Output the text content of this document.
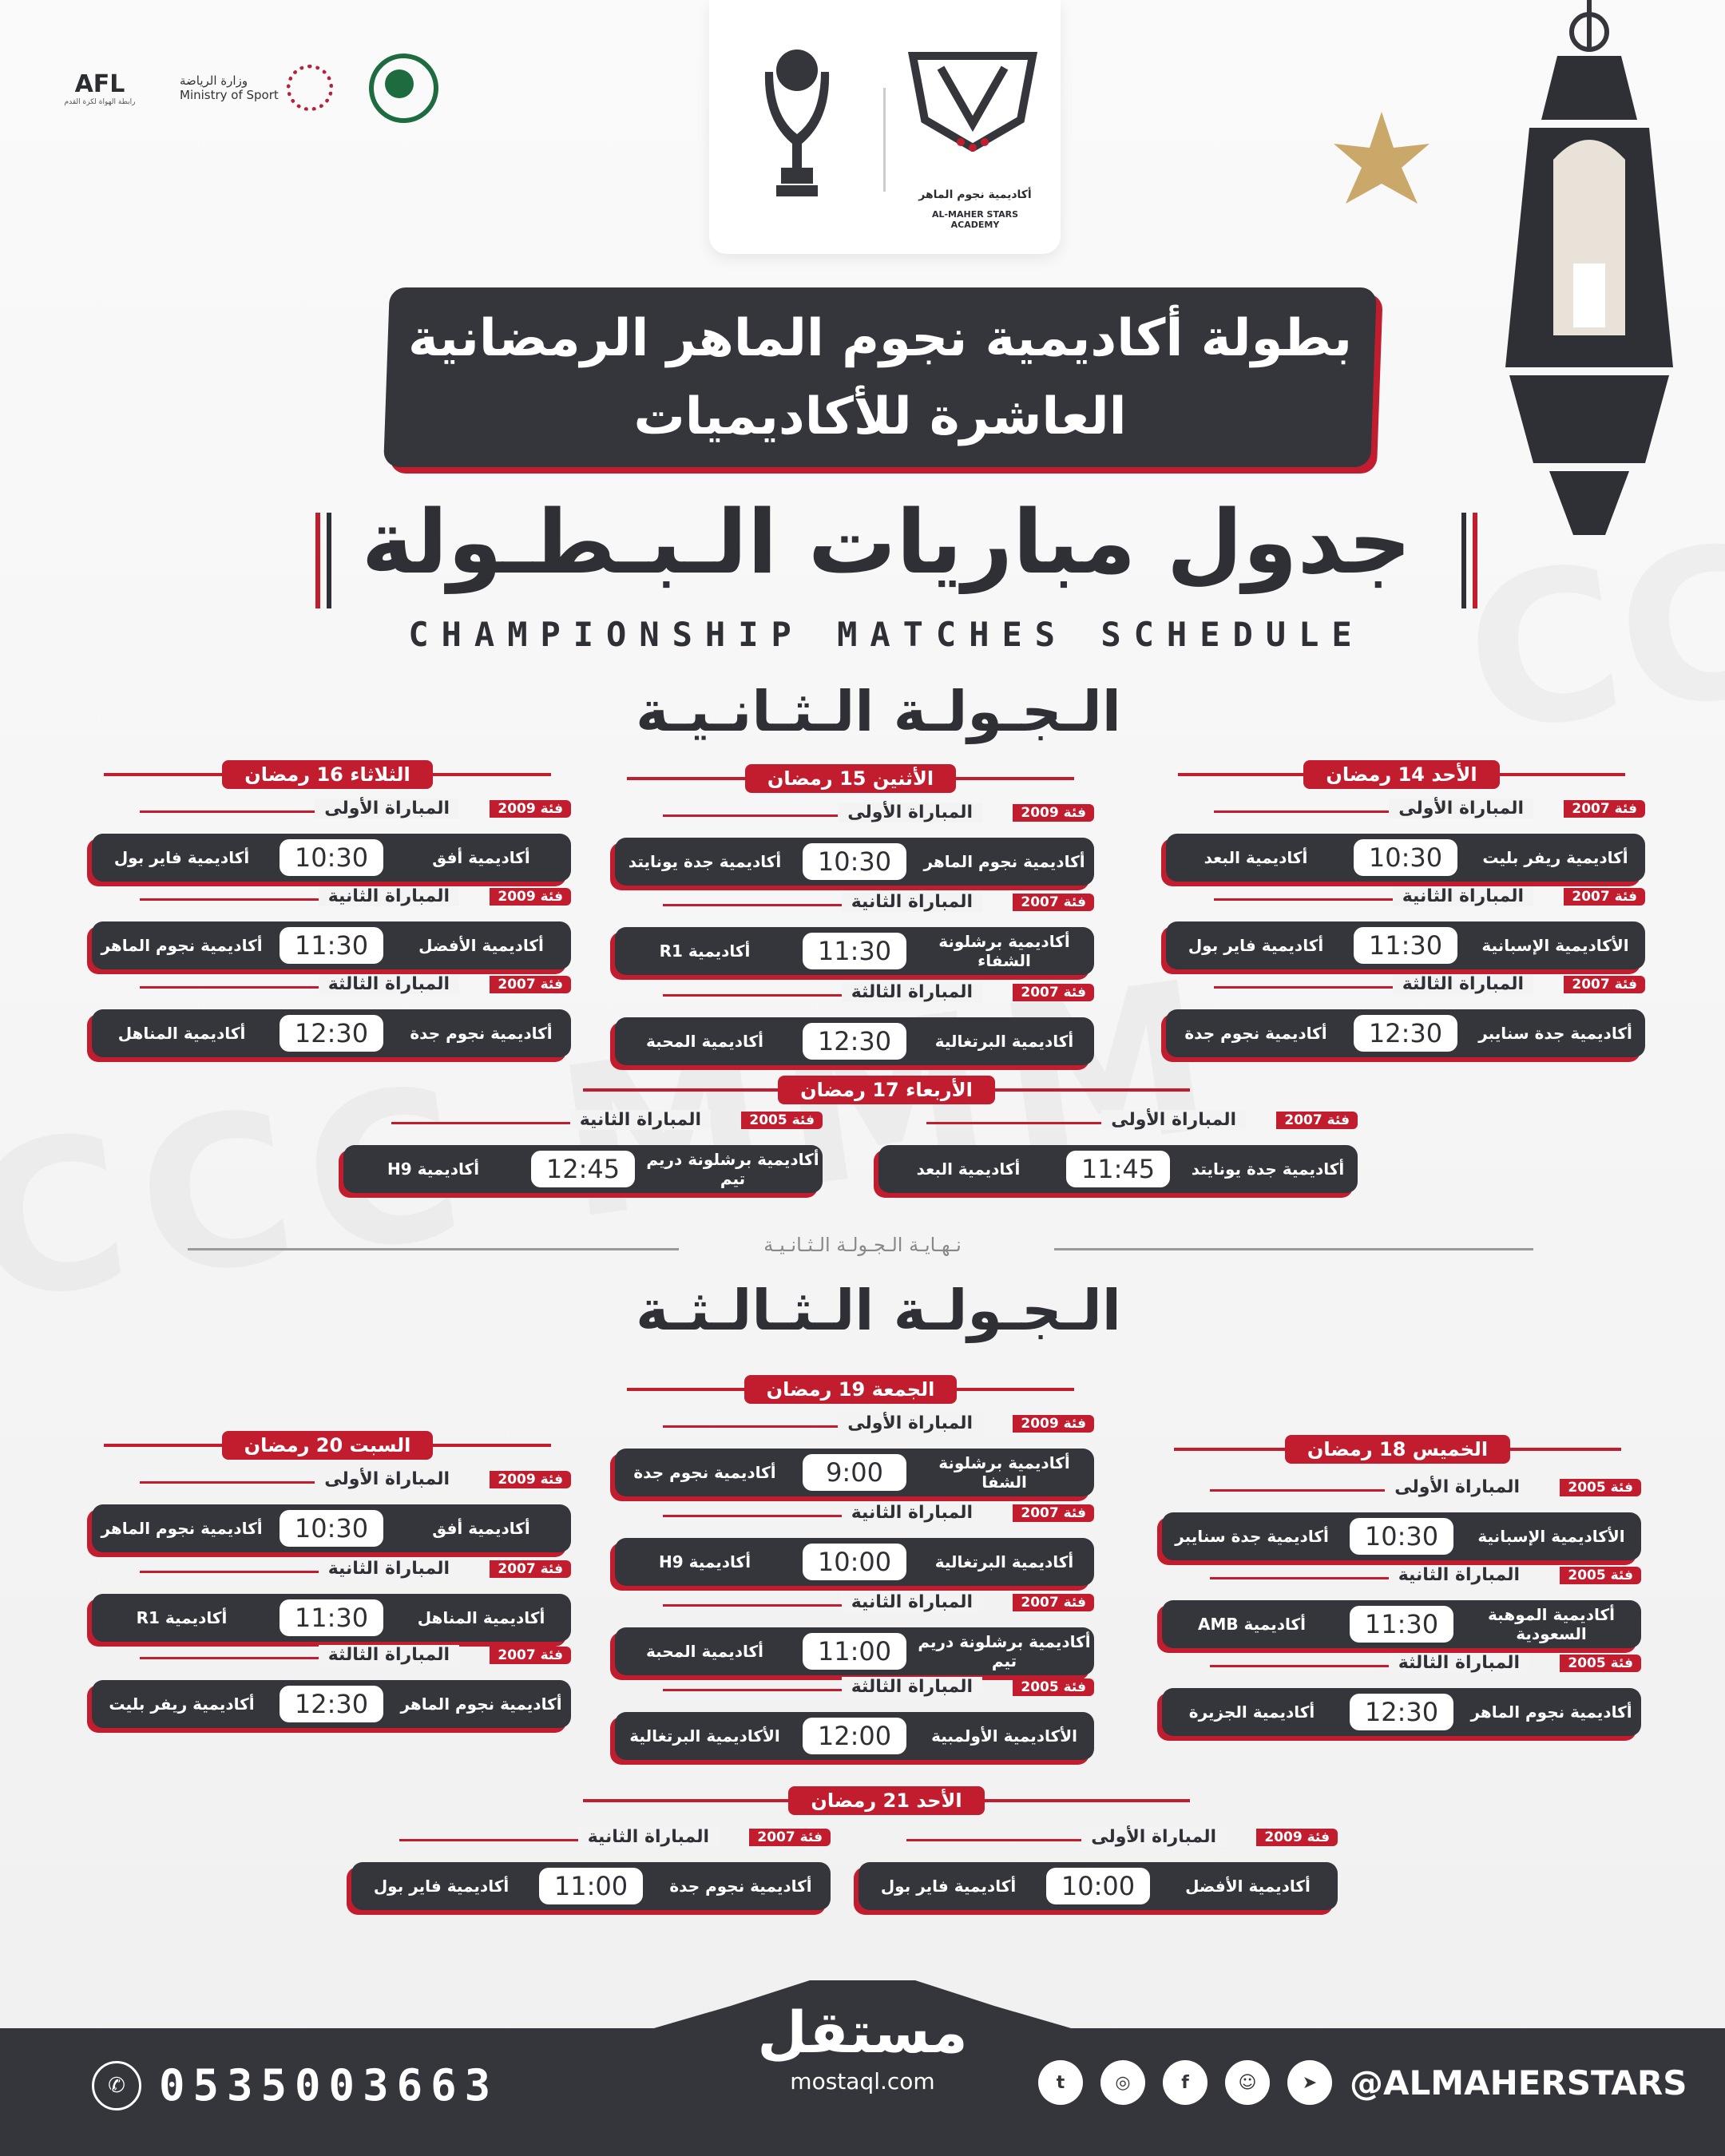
AFL
رابطة الهواة لكرة القدم
وزارة الرياضة
Ministry of Sport
أكاديمية نجوم الماهر
AL-MAHER STARS ACADEMY
بطولة أكاديمية نجوم الماهر الرمضانية
العاشرة للأكاديميات
جدول مباريات الـبـطـولة
CHAMPIONSHIP MATCHES SCHEDULE
الـجـولـة الـثـانـيـة
الأحد 14 رمضان
فئة 2007
المباراة الأولى
أكاديمية ريفر بليت
أكاديمية البعد	10:30
فئة 2007
المباراة الثانية
الأكاديمية الإسبانية
أكاديمية فاير بول	11:30
فئة 2007
المباراة الثالثة
أكاديمية جدة سنايبر
أكاديمية نجوم جدة	12:30
الأثنين 15 رمضان
فئة 2009
المباراة الأولى
أكاديمية نجوم الماهر
أكاديمية جدة يونايتد	10:30
فئة 2007
المباراة الثانية
أكاديمية برشلونة الشفاء
أكاديمية R1	11:30
فئة 2007
المباراة الثالثة
أكاديمية البرتغالية
أكاديمية المحبة	12:30
الثلاثاء 16 رمضان
فئة 2009
المباراة الأولى
أكاديمية أفق
أكاديمية فاير بول	10:30
فئة 2009
المباراة الثانية
أكاديمية الأفضل
أكاديمية نجوم الماهر	11:30
فئة 2007
المباراة الثالثة
أكاديمية نجوم جدة
أكاديمية المناهل	12:30
الأربعاء 17 رمضان
فئة 2007
المباراة الأولى
أكاديمية جدة يونايتد
أكاديمية البعد	11:45
فئة 2005
المباراة الثانية
أكاديمية برشلونة دريم تيم
أكاديمية H9	12:45
نـهـايـة الـجـولـة الـثـانـيـة
الـجـولـة الـثـالـثـة
الخميس 18 رمضان
فئة 2005
المباراة الأولى
الأكاديمية الإسبانية
أكاديمية جدة سنايبر	10:30
فئة 2005
المباراة الثانية
أكاديمية الموهبة السعودية
أكاديمية AMB	11:30
فئة 2005
المباراة الثالثة
أكاديمية نجوم الماهر
أكاديمية الجزيرة	12:30
الجمعة 19 رمضان
فئة 2009
المباراة الأولى
أكاديمية برشلونة الشفا
أكاديمية نجوم جدة	9:00
فئة 2007
المباراة الثانية
أكاديمية البرتغالية
أكاديمية H9	10:00
فئة 2007
المباراة الثانية
أكاديمية برشلونة دريم تيم
أكاديمية المحبة	11:00
فئة 2005
المباراة الثالثة
الأكاديمية الأولمبية
الأكاديمية البرتغالية	12:00
السبت 20 رمضان
فئة 2009
المباراة الأولى
أكاديمية أفق
أكاديمية نجوم الماهر	10:30
فئة 2007
المباراة الثانية
أكاديمية المناهل
أكاديمية R1	11:30
فئة 2007
المباراة الثالثة
أكاديمية نجوم الماهر
أكاديمية ريفر بليت	12:30
الأحد 21 رمضان
فئة 2009
المباراة الأولى
أكاديمية الأفضل
أكاديمية فاير بول	10:00
فئة 2007
المباراة الثانية
أكاديمية نجوم جدة
أكاديمية فاير بول	11:00
مستقل
mostaql.com
✆ 0535003663	t	◎	f	☺	➤ @ALMAHERSTARS
